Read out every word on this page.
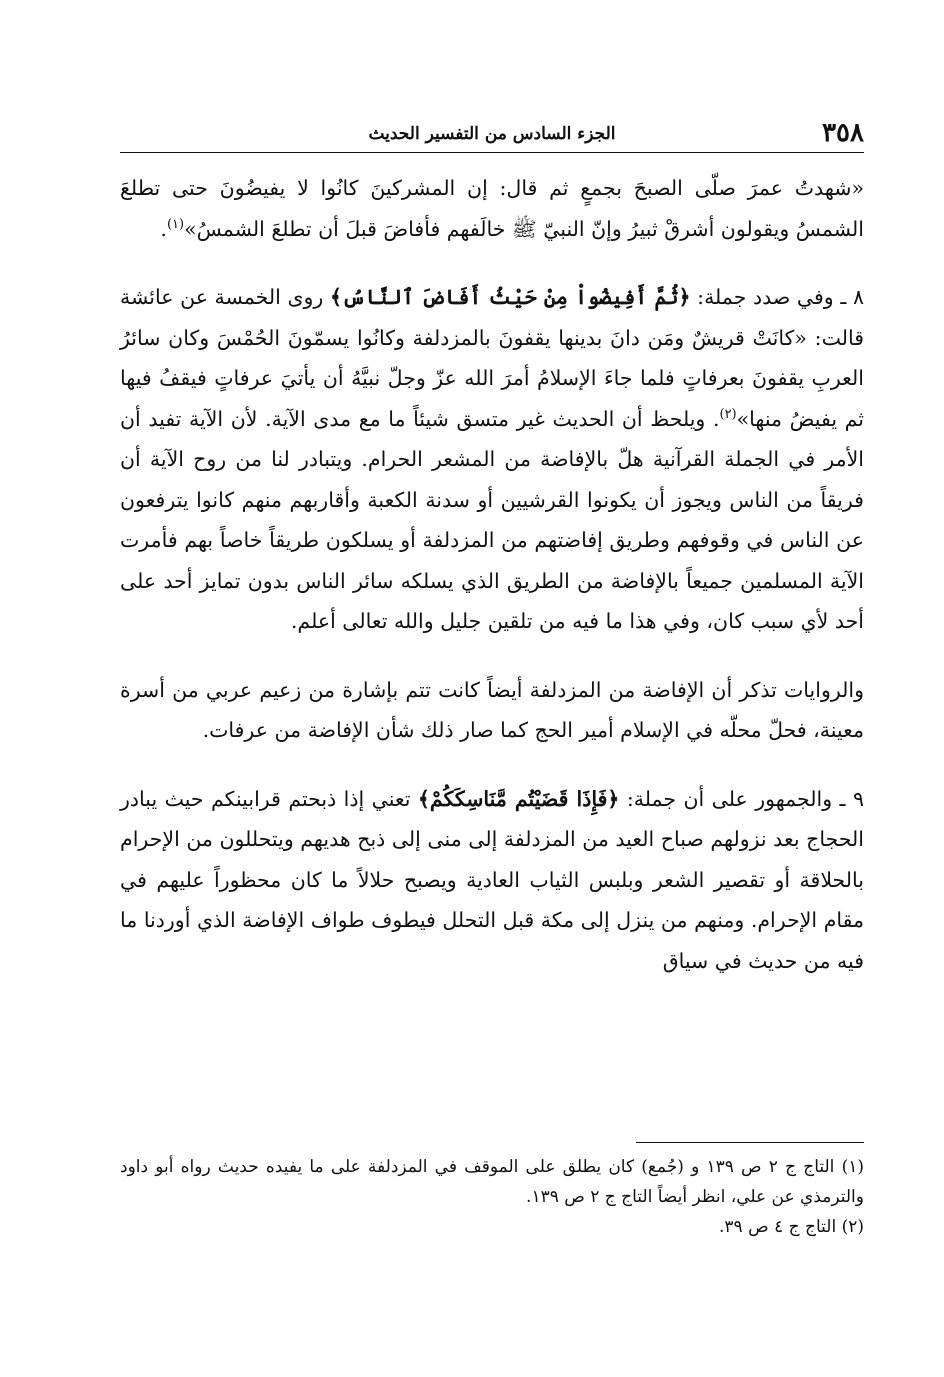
٣٥٨
الجزء السادس من التفسير الحديث

«شهدتُ عمرَ صلّى الصبحَ بجمعٍ ثم قال: إن المشركينَ كانُوا لا يفيضُونَ حتى تطلعَ الشمسُ ويقولون أشرقْ ثبيرُ وإنّ النبيّ ﷺ خالَفهم فأفاضَ قبلَ أن تطلعَ الشمسُ»$^{(١)}$.

٨ ـ وفي صدد جملة: ﴿ثُمَّ أَفِيضُواْ مِنْ حَيْثُ أَفَاضَ ٱلنَّاسُ﴾ روى الخمسة عن عائشة قالت: «كانَتْ قريشٌ ومَن دانَ بدينها يقفونَ بالمزدلفة وكانُوا يسمّونَ الحُمْسَ وكان سائرُ العربِ يقفونَ بعرفاتٍ فلما جاءَ الإسلامُ أمرَ الله عزّ وجلّ نبيَّهُ أن يأتيَ عرفاتٍ فيقفُ فيها ثم يفيضُ منها»$^{(٢)}$. ويلحظ أن الحديث غير متسق شيئاً ما مع مدى الآية. لأن الآية تفيد أن الأمر في الجملة القرآنية هلّ بالإفاضة من المشعر الحرام. ويتبادر لنا من روح الآية أن فريقاً من الناس ويجوز أن يكونوا القرشيين أو سدنة الكعبة وأقاربهم منهم كانوا يترفعون عن الناس في وقوفهم وطريق إفاضتهم من المزدلفة أو يسلكون طريقاً خاصاً بهم فأمرت الآية المسلمين جميعاً بالإفاضة من الطريق الذي يسلكه سائر الناس بدون تمايز أحد على أحد لأي سبب كان، وفي هذا ما فيه من تلقين جليل والله تعالى أعلم.

والروايات تذكر أن الإفاضة من المزدلفة أيضاً كانت تتم بإشارة من زعيم عربي من أسرة معينة، فحلّ محلّه في الإسلام أمير الحج كما صار ذلك شأن الإفاضة من عرفات.

٩ ـ والجمهور على أن جملة: ﴿فَإِذَا قَضَيْتُم مَّنَاسِكَكُمْ﴾ تعني إذا ذبحتم قرابينكم حيث يبادر الحجاج بعد نزولهم صباح العيد من المزدلفة إلى منى إلى ذبح هديهم ويتحللون من الإحرام بالحلاقة أو تقصير الشعر وبلبس الثياب العادية ويصبح حلالاً ما كان محظوراً عليهم في مقام الإحرام. ومنهم من ينزل إلى مكة قبل التحلل فيطوف طواف الإفاضة الذي أوردنا ما فيه من حديث في سياق

(١) التاج ج ٢ ص ١٣٩ و (جُمع) كان يطلق على الموقف في المزدلفة على ما يفيده حديث رواه أبو داود والترمذي عن علي، انظر أيضاً التاج ج ٢ ص ١٣٩.

(٢) التاج ج ٤ ص ٣٩.
